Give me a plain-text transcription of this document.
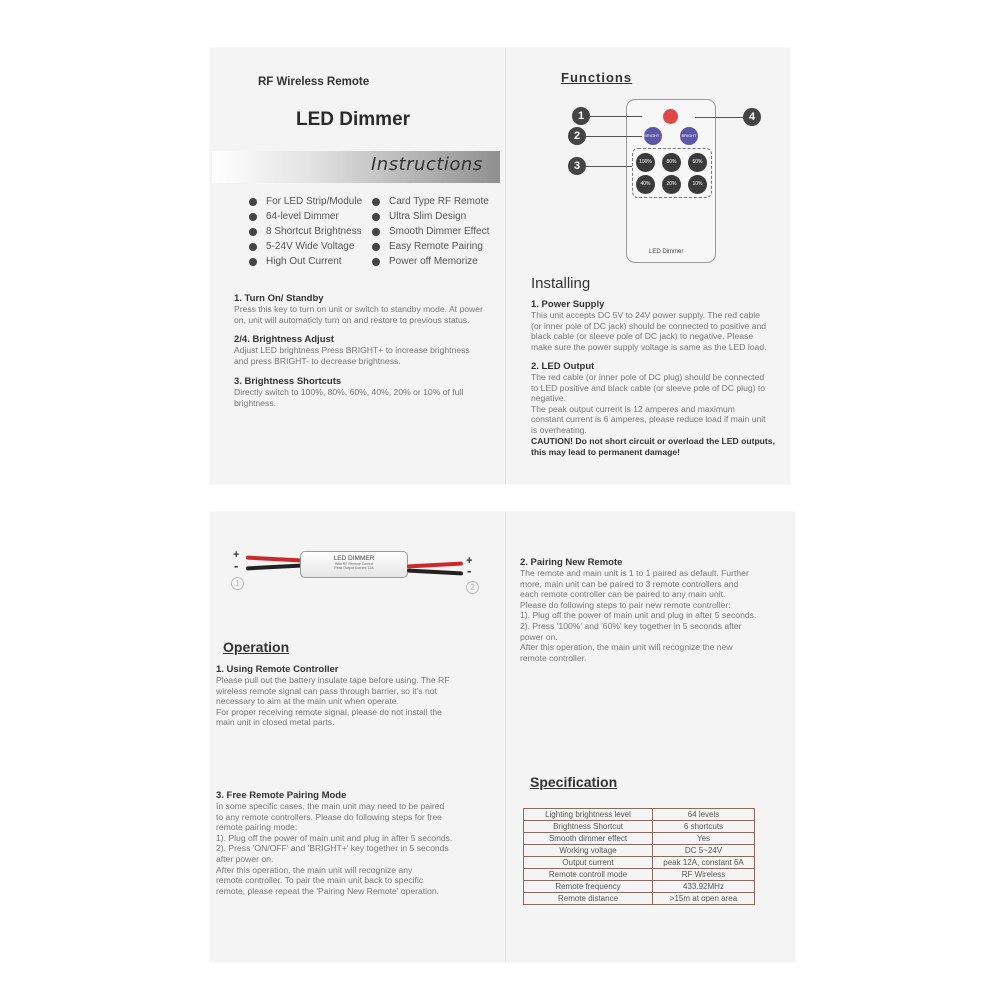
RF Wireless Remote
LED Dimmer
Instructions
For LED Strip/Module
64-level Dimmer
8 Shortcut Brightness
5-24V Wide Voltage
High Out Current
Card Type RF Remote
Ultra Slim Design
Smooth Dimmer Effect
Easy Remote Pairing
Power off Memorize
1. Turn On/ Standby
Press this key to turn on unit or switch to standby mode. At power
on, unit will automaticly turn on and restore to previous status.
2/4. Brightness Adjust
Adjust LED brightness Press BRIGHT+ to increase brightness
and press BRIGHT- to decrease brightness.
3. Brightness Shortcuts
Directly switch to 100%, 80%, 60%, 40%, 20% or 10% of full
brightness.
Functions
BRIGHT -	BRIGHT +
100%	80%	60%
40%	20%	10%
LED Dimmer
1
2
3
4
Installing
1. Power Supply
This unit accepts DC 5V to 24V power supply. The red cable
(or inner pole of DC jack) should be connected to positive and
black cable (or sleeve pole of DC jack) to negative. Please
make sure the power supply voltage is same as the LED load.
2. LED Output
The red cable (or inner pole of DC plug) should be connected
to LED positive and black cable (or sleeve pole of DC plug) to
negative.
The peak output current is 12 amperes and maximum
constant current is 6 amperes, please reduce load if main unit
is overheating.
CAUTION! Do not short circuit or overload the LED outputs,
this may lead to permanent damage!
+
-	LED DIMMER
With RF Remote Control
Peak Output Current 12A
+
-
1	2
Operation
1. Using Remote Controller
Please pull out the battery insulate tape before using. The RF
wireless remote signal can pass through barrier, so it's not
necessary to aim at the main unit when operate.
For proper receiving remote signal, please do not install the
main unit in closed metal parts.
3. Free Remote Pairing Mode
In some specific cases, the main unit may need to be paired
to any remote controllers. Please do following steps for free
remote pairing mode:
1). Plug off the power of main unit and plug in after 5 seconds.
2). Press 'ON/OFF' and 'BRIGHT+' key together in 5 seconds
after power on.
After this operation, the main unit will recognize any
remote controller. To pair the main unit back to specific
remote, please repeat the 'Pairing New Remote' operation.
2. Pairing New Remote
The remote and main unit is 1 to 1 paired as default. Further
more, main unit can be paired to 3 remote controllers and
each remote controller can be paired to any main unit.
Please do following steps to pair new remote controller:
1). Plug off the power of main unit and plug in after 5 seconds.
2). Press '100%' and '60%' key together in 5 seconds after
power on.
After this operation, the main unit will recognize the new
remote controller.
Specification
Lighting brightness level	64 levels
Brightness Shortcut	6 shortcuts
Smooth dimmer effect	Yes
Working voltage	DC 5~24V
Output current	peak 12A, constant 6A
Remote controll mode	RF Wireless
Remote frequency	433.92MHz
Remote distance	>15m at open area
